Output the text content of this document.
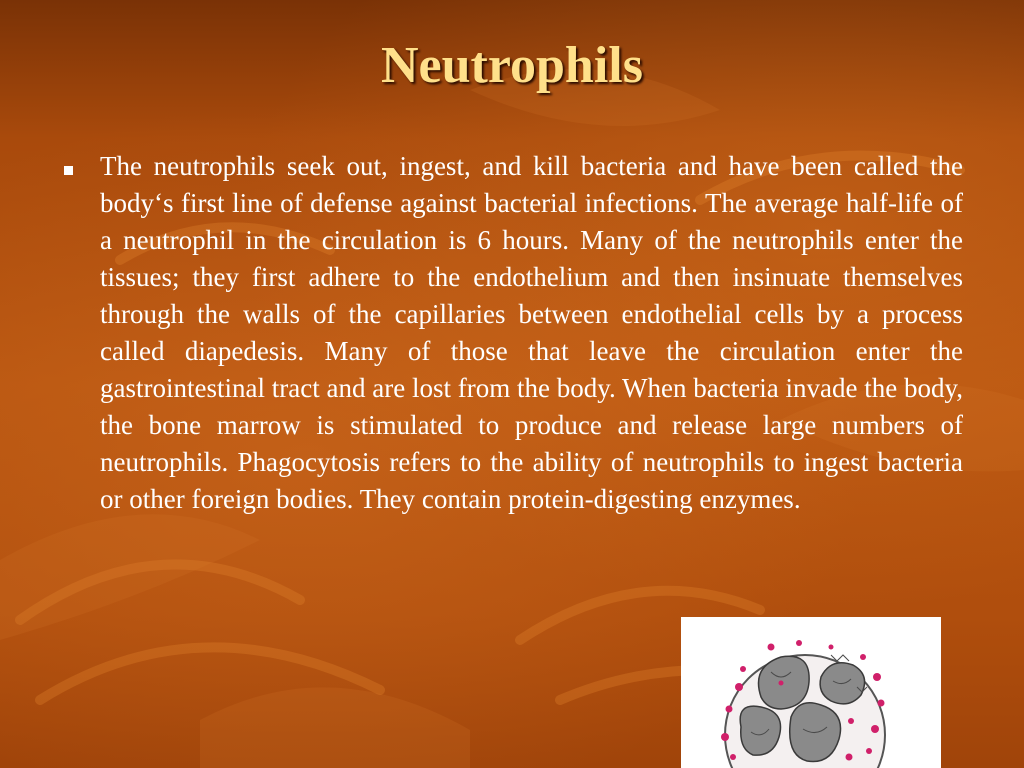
Neutrophils

The neutrophils seek out, ingest, and kill bacteria and have been called the body‘s first line of defense against bacterial infections. The average half-life of a neutrophil in the circulation is 6 hours. Many of the neutrophils enter the tissues; they first adhere to the endothelium and then insinuate themselves through the walls of the capillaries between endothelial cells by a process called diapedesis. Many of those that leave the circulation enter the gastrointestinal tract and are lost from the body. When bacteria invade the body, the bone marrow is stimulated to produce and release large numbers of neutrophils. Phagocytosis refers to the ability of neutrophils to ingest bacteria or other foreign bodies. They contain protein-digesting enzymes.
